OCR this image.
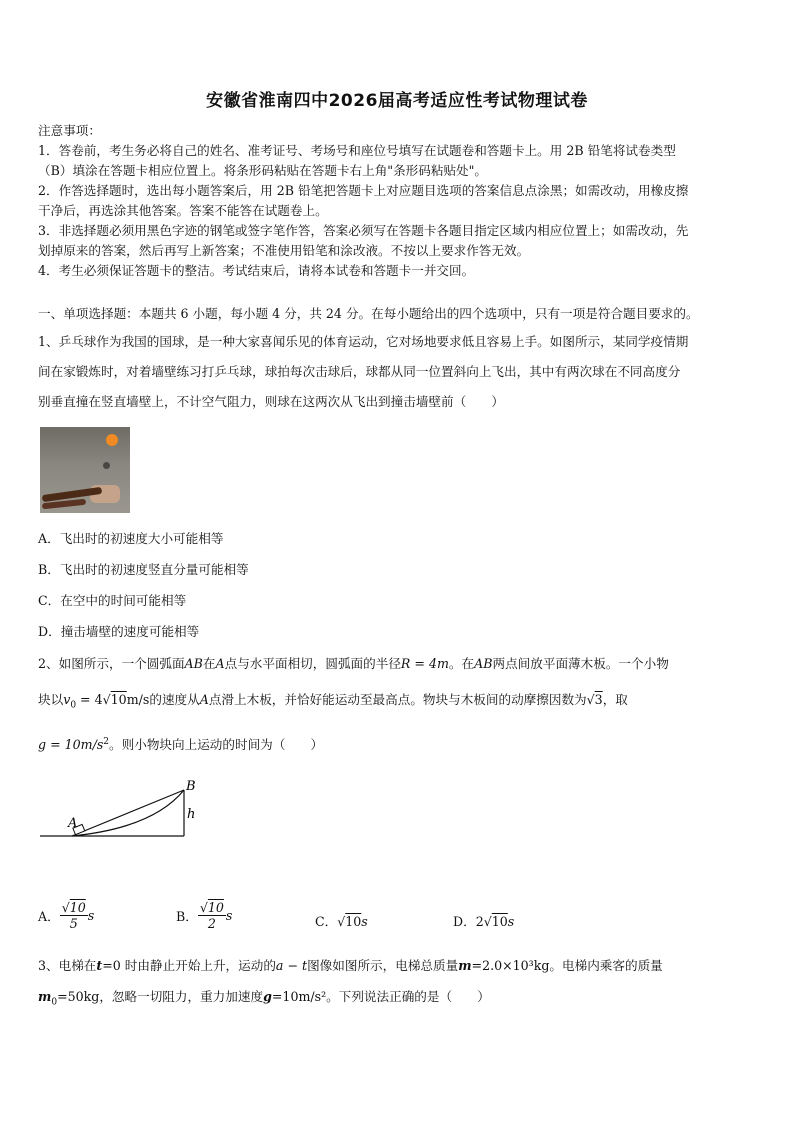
安徽省淮南四中2026届高考适应性考试物理试卷
注意事项：
1．答卷前，考生务必将自己的姓名、准考证号、考场号和座位号填写在试题卷和答题卡上。用 2B 铅笔将试卷类型
（B）填涂在答题卡相应位置上。将条形码粘贴在答题卡右上角"条形码粘贴处"。
2．作答选择题时，选出每小题答案后，用 2B 铅笔把答题卡上对应题目选项的答案信息点涂黑；如需改动，用橡皮擦
干净后，再选涂其他答案。答案不能答在试题卷上。
3．非选择题必须用黑色字迹的钢笔或签字笔作答，答案必须写在答题卡各题目指定区域内相应位置上；如需改动，先
划掉原来的答案，然后再写上新答案；不准使用铅笔和涂改液。不按以上要求作答无效。
4．考生必须保证答题卡的整洁。考试结束后，请将本试卷和答题卡一并交回。
一、单项选择题：本题共 6 小题，每小题 4 分，共 24 分。在每小题给出的四个选项中，只有一项是符合题目要求的。
1、乒乓球作为我国的国球，是一种大家喜闻乐见的体育运动，它对场地要求低且容易上手。如图所示，某同学疫情期
间在家锻炼时，对着墙壁练习打乒乓球，球拍每次击球后，球都从同一位置斜向上飞出，其中有两次球在不同高度分
别垂直撞在竖直墙壁上，不计空气阻力，则球在这两次从飞出到撞击墙壁前（　　）
A．飞出时的初速度大小可能相等
B．飞出时的初速度竖直分量可能相等
C．在空中的时间可能相等
D．撞击墙壁的速度可能相等
2、如图所示，一个圆弧面AB在A点与水平面相切，圆弧面的半径R = 4m。在AB两点间放平面薄木板。一个小物
块以$v_0 = 4√10m/s$的速度从A点滑上木板，并恰好能运动至最高点。物块与木板间的动摩擦因数为√3，取
$g = 10m/s^2$。则小物块向上运动的时间为（　　）
B
A
h
A． $\frac{√10}{5}$ s	B． $\frac{√10}{2}$ s	C．√10s	D．2√10s
3、电梯在t=0 时由静止开始上升，运动的a − t图像如图所示，电梯总质量m=2.0×10³kg。电梯内乘客的质量
$m_0=50kg$，忽略一切阻力，重力加速度g=10m/s²。下列说法正确的是（　　）
